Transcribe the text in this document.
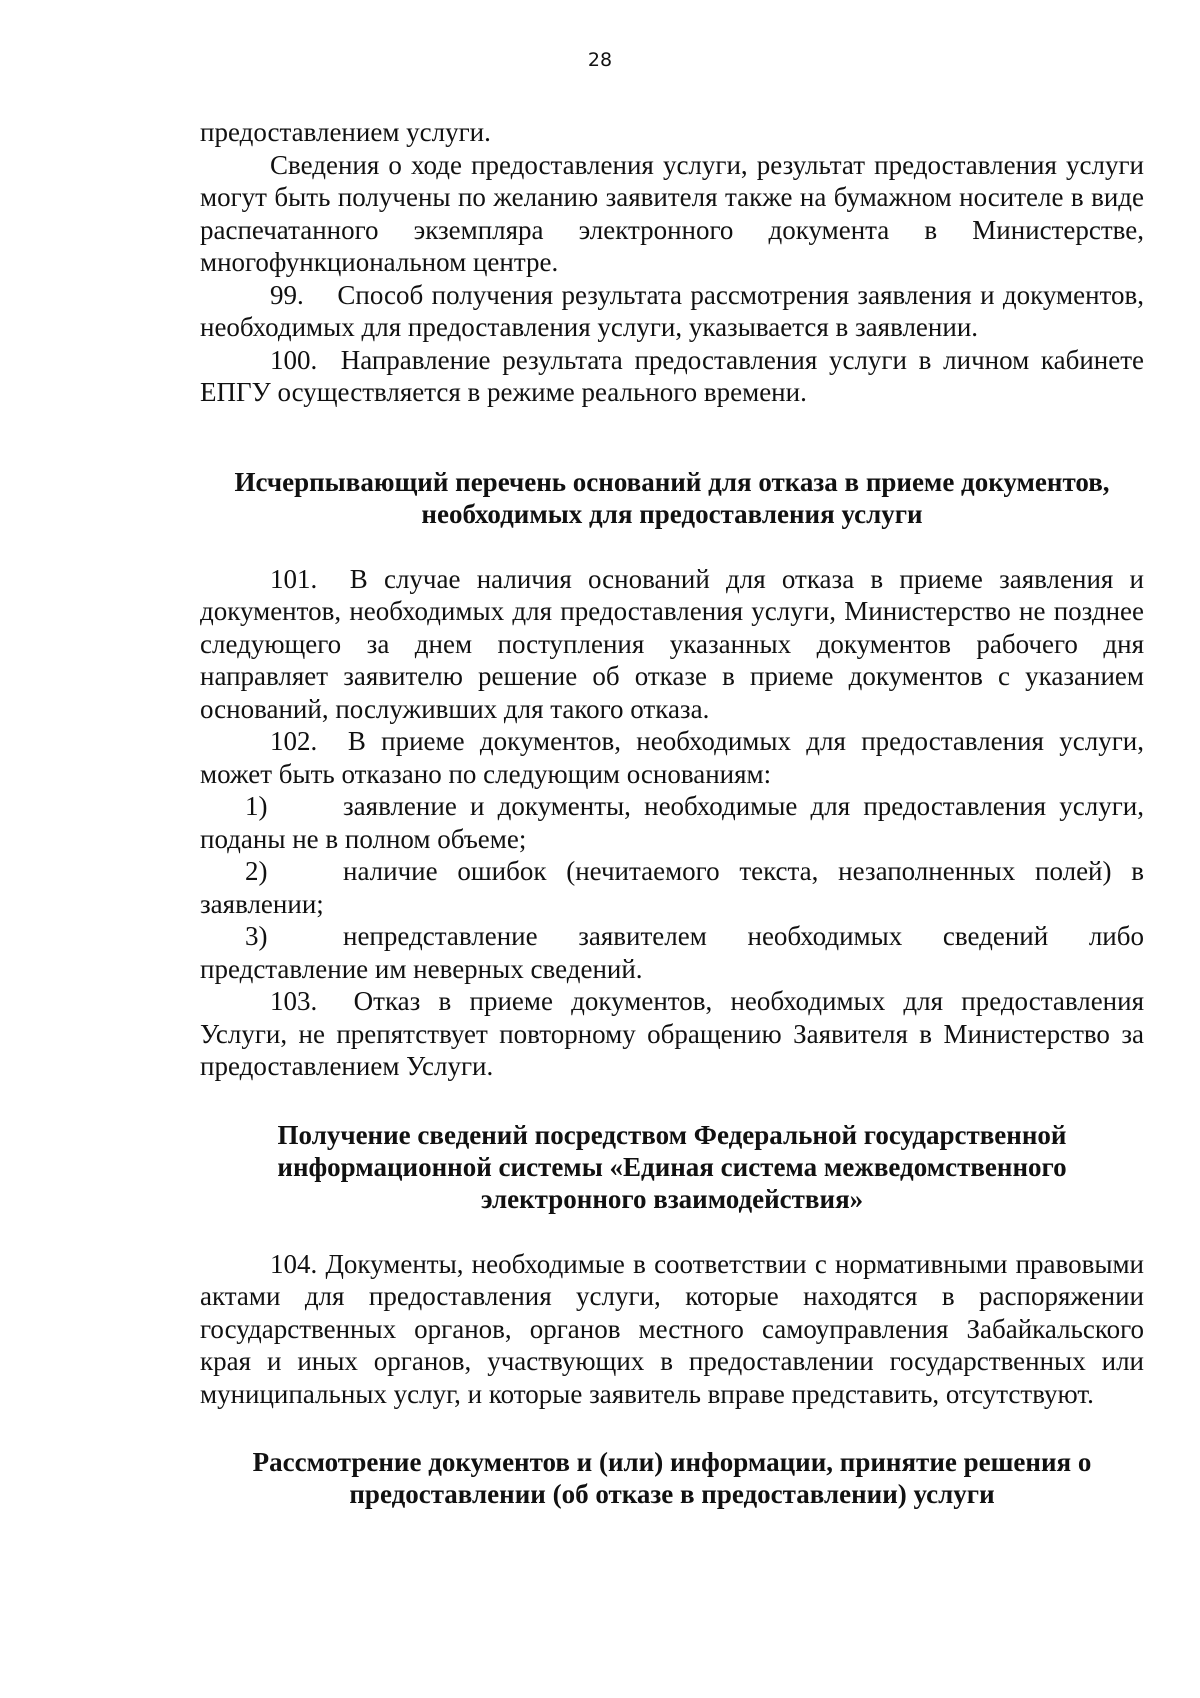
28

предоставлением услуги.

Сведения о ходе предоставления услуги, результат предоставления услуги могут быть получены по желанию заявителя также на бумажном носителе в виде распечатанного экземпляра электронного документа в Министерстве, многофункциональном центре.

99. Способ получения результата рассмотрения заявления и документов, необходимых для предоставления услуги, указывается в заявлении.

100. Направление результата предоставления услуги в личном кабинете ЕПГУ осуществляется в режиме реального времени.

Исчерпывающий перечень оснований для отказа в приеме документов,

необходимых для предоставления услуги

101. В случае наличия оснований для отказа в приеме заявления и документов, необходимых для предоставления услуги, Министерство не позднее следующего за днем поступления указанных документов рабочего дня направляет заявителю решение об отказе в приеме документов с указанием оснований, послуживших для такого отказа.

102. В приеме документов, необходимых для предоставления услуги, может быть отказано по следующим основаниям:

1)	заявление и документы, необходимые для предоставления услуги, поданы не в полном объеме;

2)	наличие ошибок (нечитаемого текста, незаполненных полей) в заявлении;

3)	непредставление заявителем необходимых сведений либо представление им неверных сведений.

103. Отказ в приеме документов, необходимых для предоставления Услуги, не препятствует повторному обращению Заявителя в Министерство за предоставлением Услуги.

Получение сведений посредством Федеральной государственной

информационной системы «Единая система межведомственного

электронного взаимодействия»

104. Документы, необходимые в соответствии с нормативными правовыми актами для предоставления услуги, которые находятся в распоряжении государственных органов, органов местного самоуправления Забайкальского края и иных органов, участвующих в предоставлении государственных или муниципальных услуг, и которые заявитель вправе представить, отсутствуют.

Рассмотрение документов и (или) информации, принятие решения о

предоставлении (об отказе в предоставлении) услуги
